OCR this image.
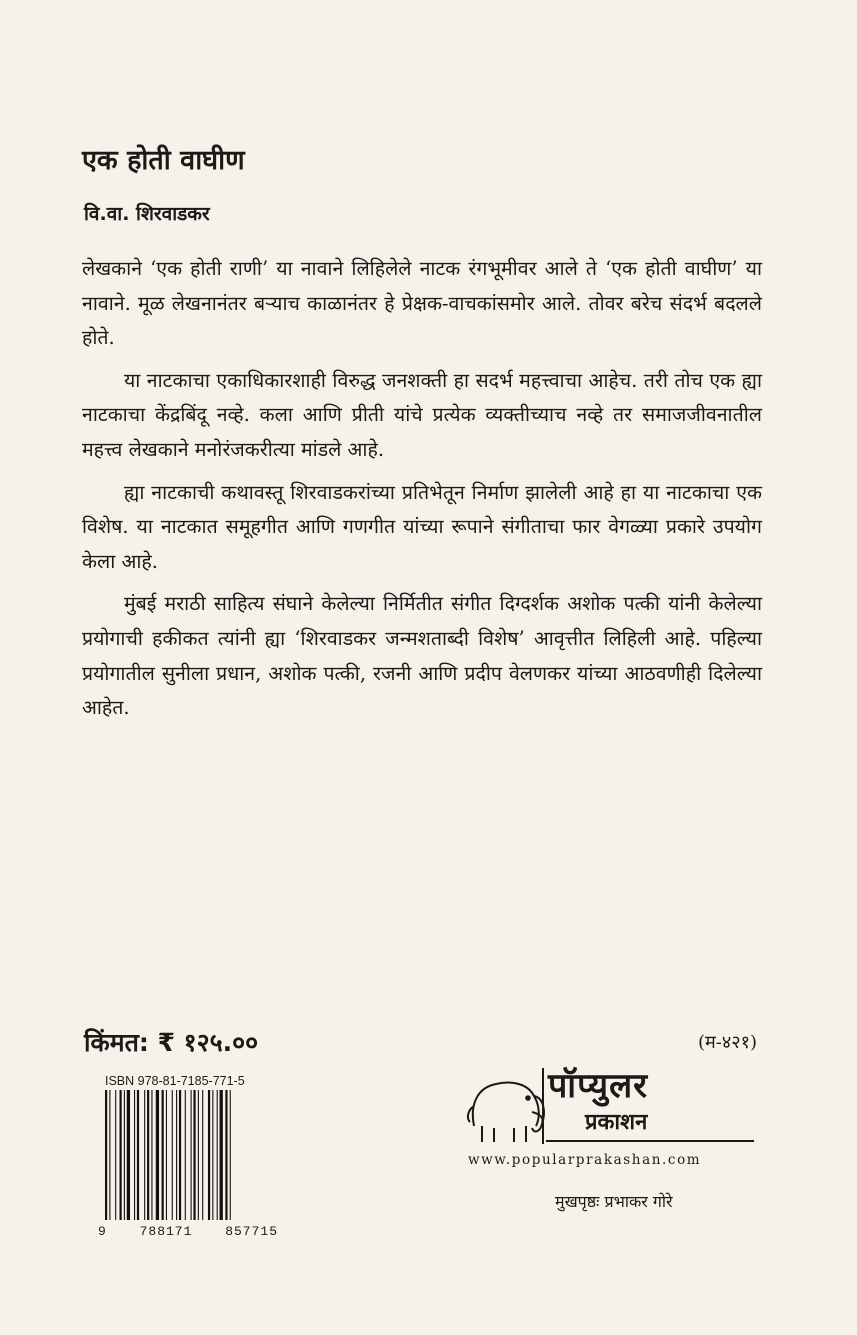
एक होती वाघीण
वि.वा. शिरवाडकर

लेखकाने ‘एक होती राणी’ या नावाने लिहिलेले नाटक रंगभूमीवर आले ते ‘एक होती वाघीण’ या नावाने. मूळ लेखनानंतर बऱ्याच काळानंतर हे प्रेक्षक-वाचकांसमोर आले. तोवर बरेच संदर्भ बदलले होते.

या नाटकाचा एकाधिकारशाही विरुद्ध जनशक्ती हा सदर्भ महत्त्वाचा आहेच. तरी तोच एक ह्या नाटकाचा केंद्रबिंदू नव्हे. कला आणि प्रीती यांचे प्रत्येक व्यक्तीच्याच नव्हे तर समाजजीवनातील महत्त्व लेखकाने मनोरंजकरीत्या मांडले आहे.

ह्या नाटकाची कथावस्तू शिरवाडकरांच्या प्रतिभेतून निर्माण झालेली आहे हा या नाटकाचा एक विशेष. या नाटकात समूहगीत आणि गणगीत यांच्या रूपाने संगीताचा फार वेगळ्या प्रकारे उपयोग केला आहे.

मुंबई मराठी साहित्य संघाने केलेल्या निर्मितीत संगीत दिग्दर्शक अशोक पत्की यांनी केलेल्या प्रयोगाची हकीकत त्यांनी ह्या ‘शिरवाडकर जन्मशताब्दी विशेष’ आवृत्तीत लिहिली आहे. पहिल्या प्रयोगातील सुनीला प्रधान, अशोक पत्की, रजनी आणि प्रदीप वेलणकर यांच्या आठवणीही दिलेल्या आहेत.

किंमत: ₹ १२५.००	(म-४२१)
ISBN 978-81-7185-771-5
9	788171	857715
पॉप्युलर
प्रकाशन
www.popularprakashan.com
मुखपृष्ठः प्रभाकर गोरे
